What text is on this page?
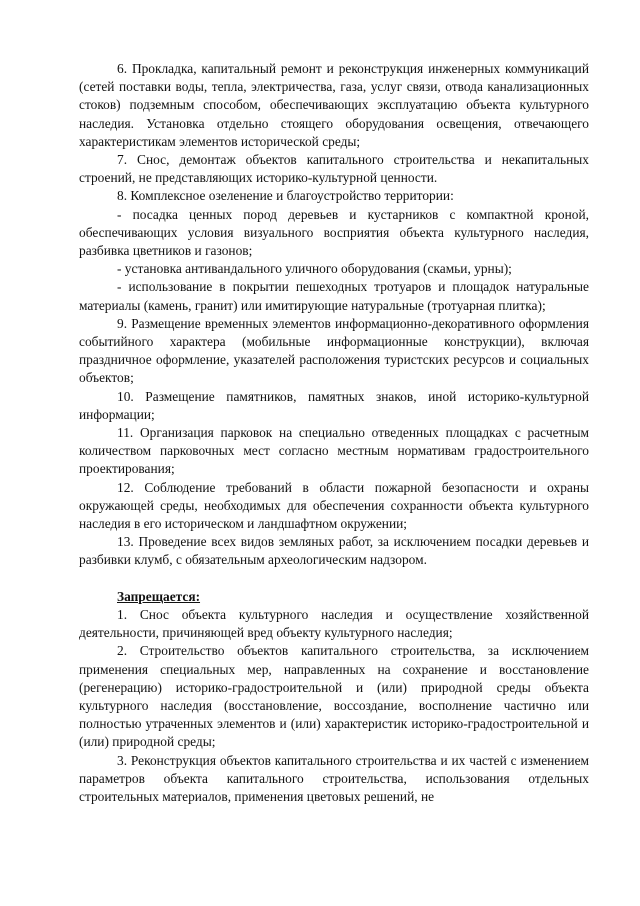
6. Прокладка, капитальный ремонт и реконструкция инженерных коммуникаций (сетей поставки воды, тепла, электричества, газа, услуг связи, отвода канализационных стоков) подземным способом, обеспечивающих эксплуатацию объекта культурного наследия. Установка отдельно стоящего оборудования освещения, отвечающего характеристикам элементов исторической среды;

7. Снос, демонтаж объектов капитального строительства и некапитальных строений, не представляющих историко-культурной ценности.

8. Комплексное озеленение и благоустройство территории:

- посадка ценных пород деревьев и кустарников с компактной кроной, обеспечивающих условия визуального восприятия объекта культурного наследия, разбивка цветников и газонов;

- установка антивандального уличного оборудования (скамьи, урны);

- использование в покрытии пешеходных тротуаров и площадок натуральные материалы (камень, гранит) или имитирующие натуральные (тротуарная плитка);

9. Размещение временных элементов информационно-декоративного оформления событийного характера (мобильные информационные конструкции), включая праздничное оформление, указателей расположения туристских ресурсов и социальных объектов;

10. Размещение памятников, памятных знаков, иной историко-культурной информации;

11. Организация парковок на специально отведенных площадках с расчетным количеством парковочных мест согласно местным нормативам градостроительного проектирования;

12. Соблюдение требований в области пожарной безопасности и охраны окружающей среды, необходимых для обеспечения сохранности объекта культурного наследия в его историческом и ландшафтном окружении;

13. Проведение всех видов земляных работ, за исключением посадки деревьев и разбивки клумб, с обязательным археологическим надзором.

Запрещается:

1. Снос объекта культурного наследия и осуществление хозяйственной деятельности, причиняющей вред объекту культурного наследия;

2. Строительство объектов капитального строительства, за исключением применения специальных мер, направленных на сохранение и восстановление (регенерацию) историко-градостроительной и (или) природной среды объекта культурного наследия (восстановление, воссоздание, восполнение частично или полностью утраченных элементов и (или) характеристик историко-градостроительной и (или) природной среды;

3. Реконструкция объектов капитального строительства и их частей с изменением параметров объекта капитального строительства, использования отдельных строительных материалов, применения цветовых решений, не
